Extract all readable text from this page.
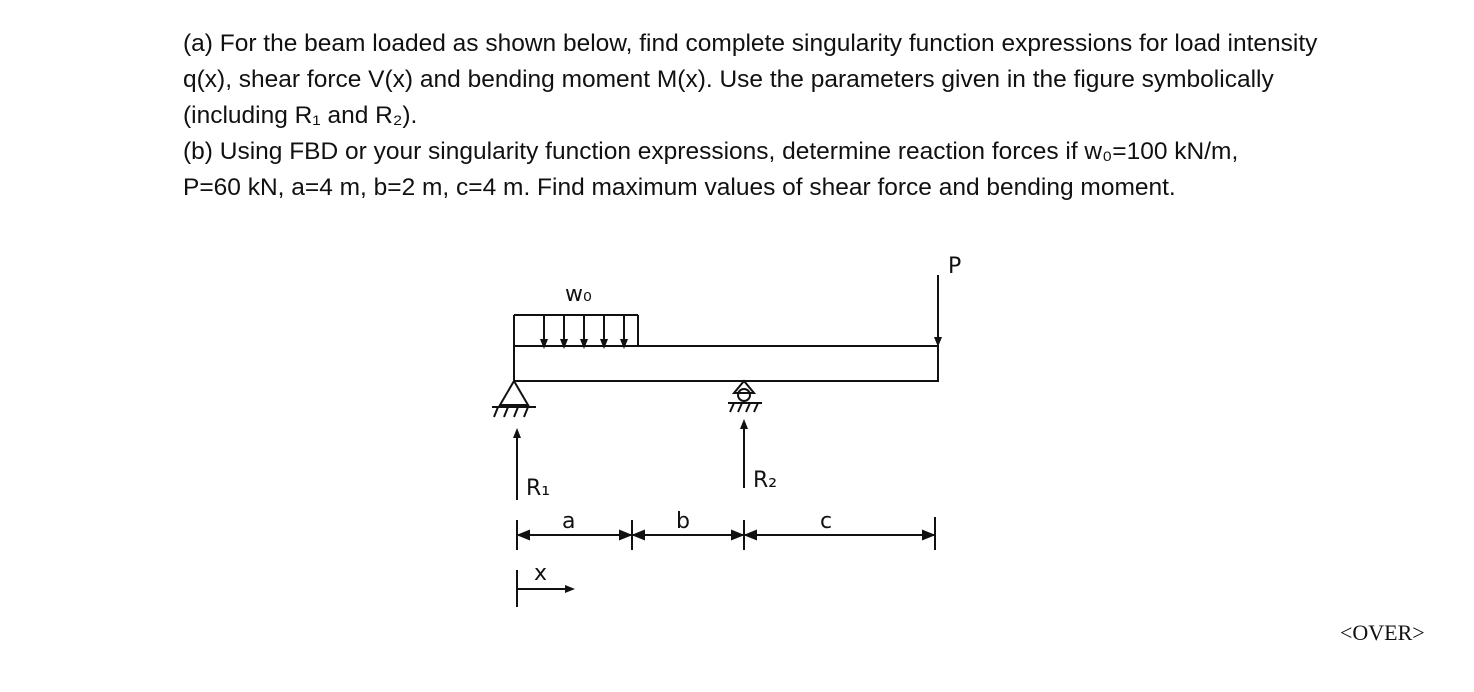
(a) For the beam loaded as shown below, find complete singularity function expressions for load intensity

q(x), shear force V(x) and bending moment M(x). Use the parameters given in the figure symbolically

(including R₁ and R₂).

(b) Using FBD or your singularity function expressions, determine reaction forces if w₀=100 kN/m,

P=60 kN, a=4 m, b=2 m, c=4 m. Find maximum values of shear force and bending moment.

w₀
P
R₁	R₂
a	b	c
x
<OVER>
